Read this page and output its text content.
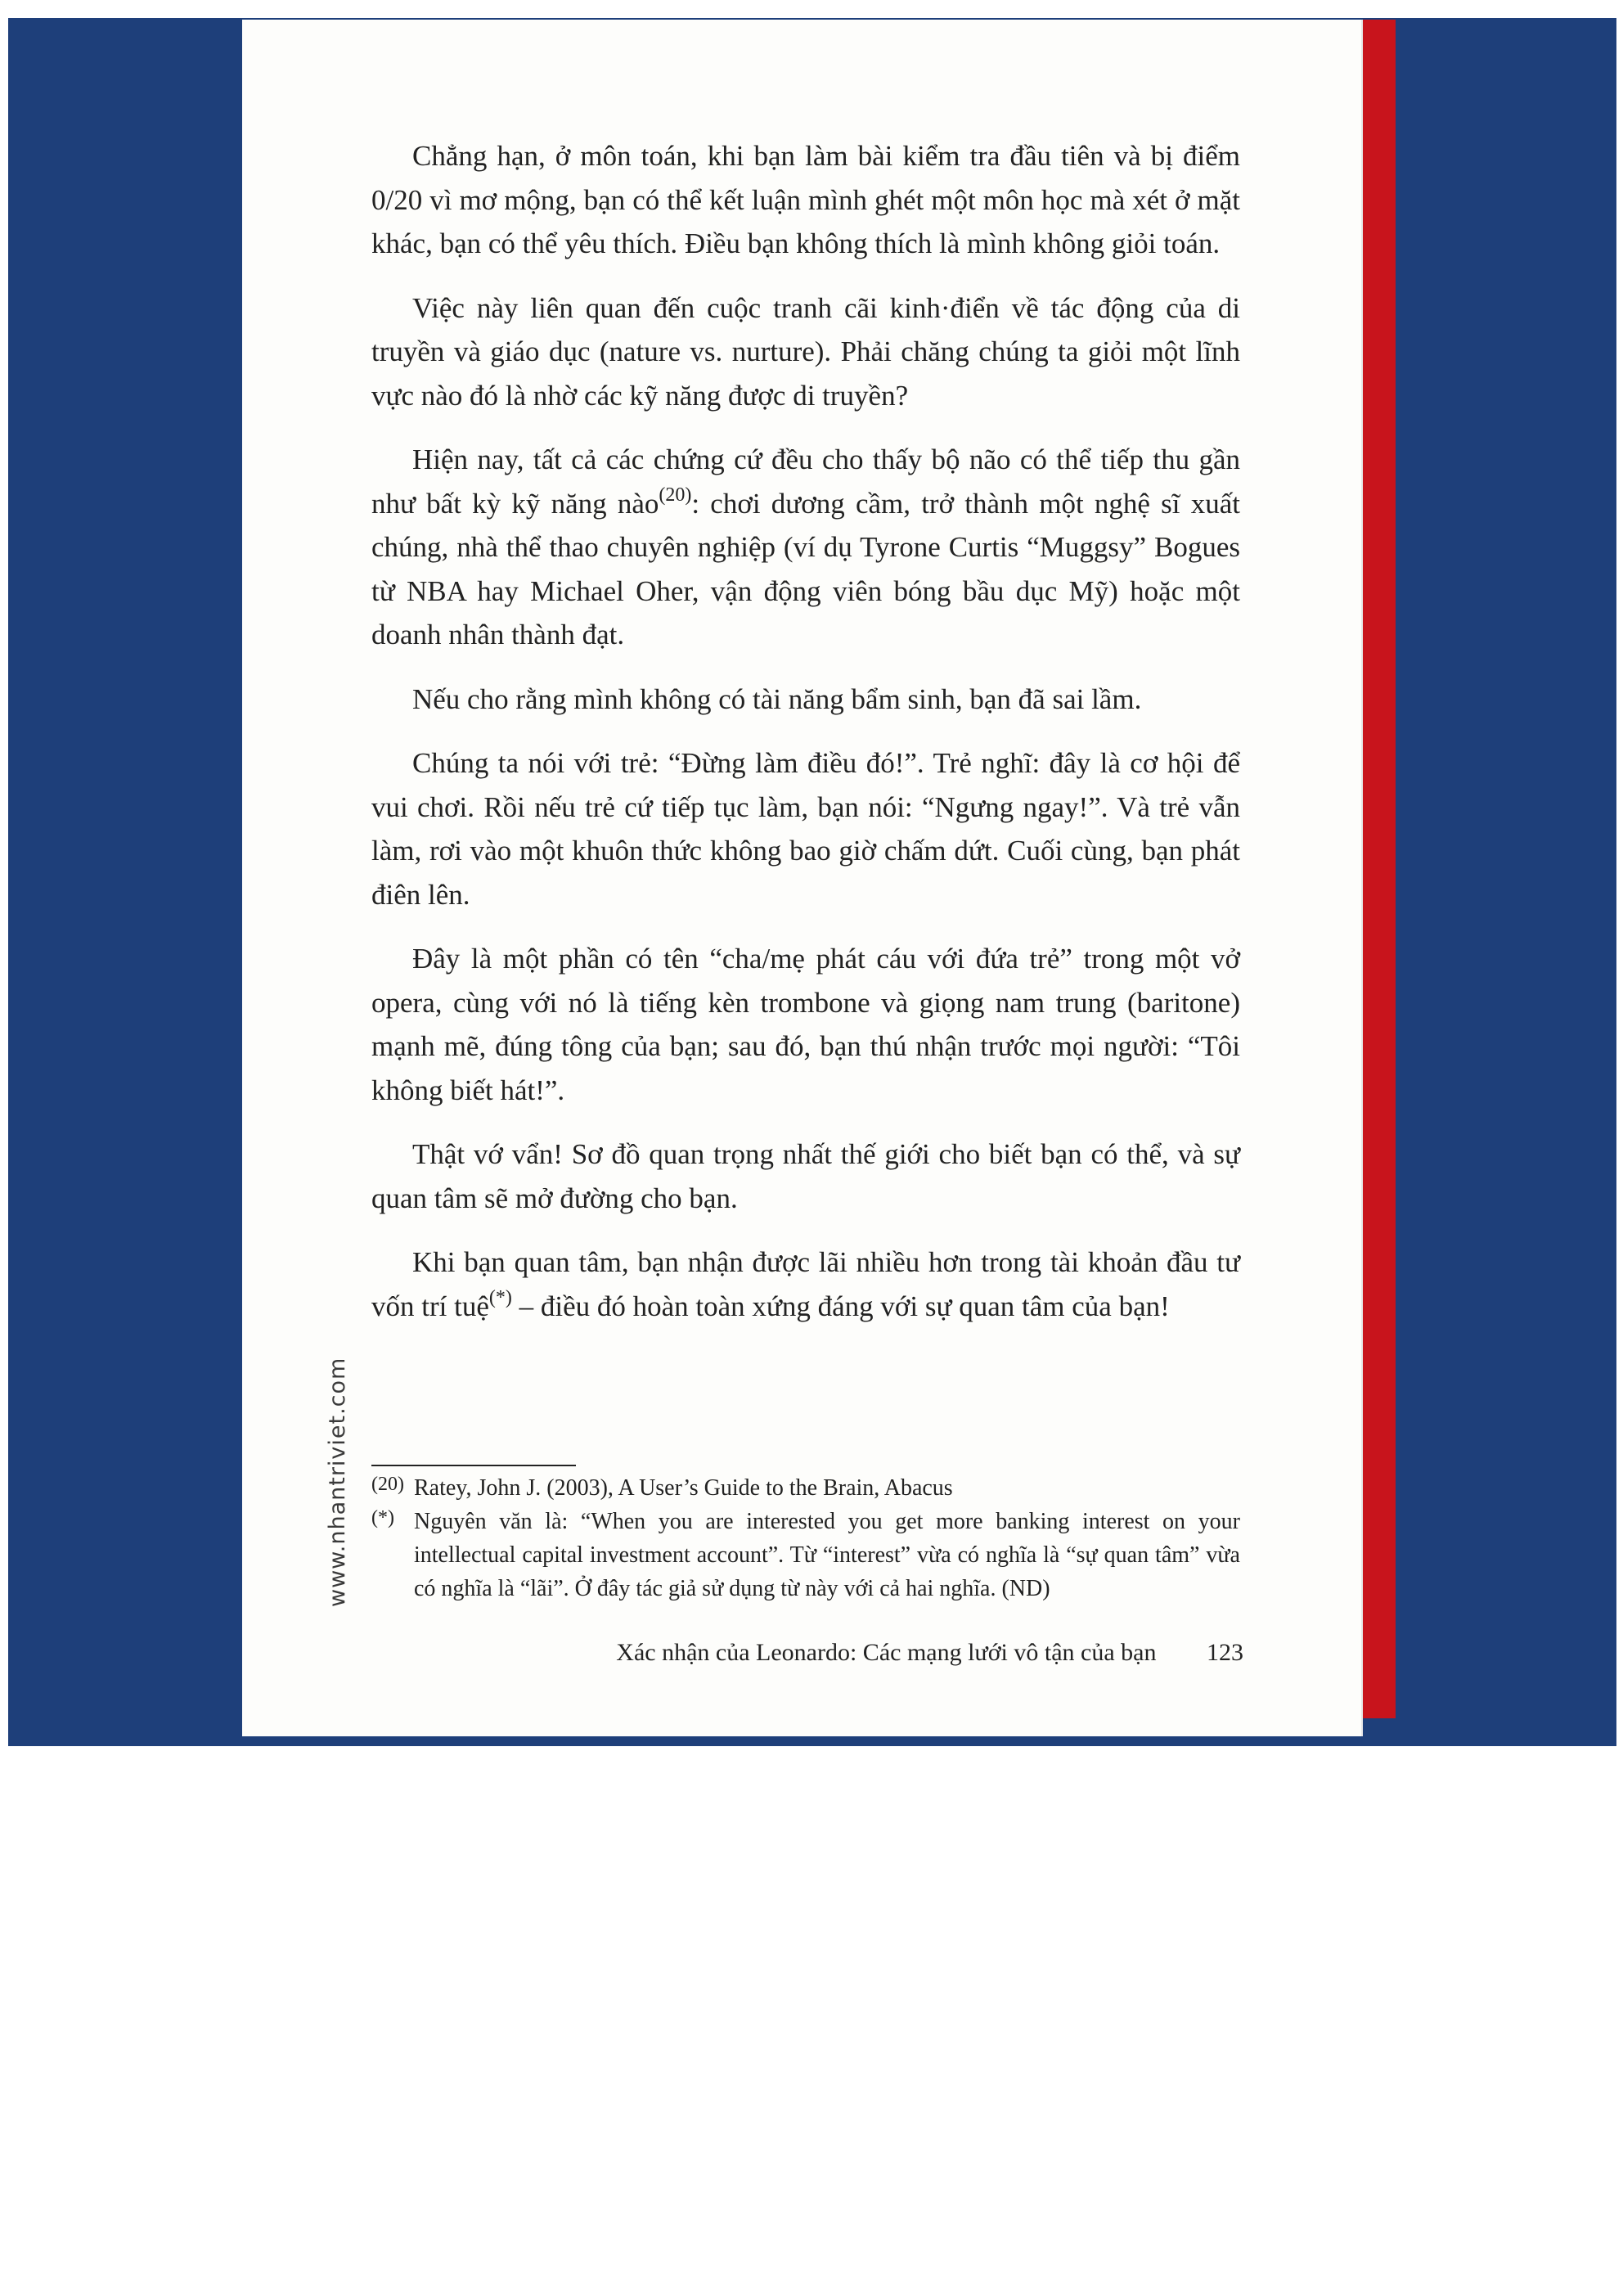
Chẳng hạn, ở môn toán, khi bạn làm bài kiểm tra đầu tiên và bị điểm 0/20 vì mơ mộng, bạn có thể kết luận mình ghét một môn học mà xét ở mặt khác, bạn có thể yêu thích. Điều bạn không thích là mình không giỏi toán.

Việc này liên quan đến cuộc tranh cãi kinh·điển về tác động của di truyền và giáo dục (nature vs. nurture). Phải chăng chúng ta giỏi một lĩnh vực nào đó là nhờ các kỹ năng được di truyền?

Hiện nay, tất cả các chứng cứ đều cho thấy bộ não có thể tiếp thu gần như bất kỳ kỹ năng nào$^{(20)}$: chơi dương cầm, trở thành một nghệ sĩ xuất chúng, nhà thể thao chuyên nghiệp (ví dụ Tyrone Curtis “Muggsy” Bogues từ NBA hay Michael Oher, vận động viên bóng bầu dục Mỹ) hoặc một doanh nhân thành đạt.

Nếu cho rằng mình không có tài năng bẩm sinh, bạn đã sai lầm.

Chúng ta nói với trẻ: “Đừng làm điều đó!”. Trẻ nghĩ: đây là cơ hội để vui chơi. Rồi nếu trẻ cứ tiếp tục làm, bạn nói: “Ngưng ngay!”. Và trẻ vẫn làm, rơi vào một khuôn thức không bao giờ chấm dứt. Cuối cùng, bạn phát điên lên.

Đây là một phần có tên “cha/mẹ phát cáu với đứa trẻ” trong một vở opera, cùng với nó là tiếng kèn trombone và giọng nam trung (baritone) mạnh mẽ, đúng tông của bạn; sau đó, bạn thú nhận trước mọi người: “Tôi không biết hát!”.

Thật vớ vẩn! Sơ đồ quan trọng nhất thế giới cho biết bạn có thể, và sự quan tâm sẽ mở đường cho bạn.

Khi bạn quan tâm, bạn nhận được lãi nhiều hơn trong tài khoản đầu tư vốn trí tuệ(*) – điều đó hoàn toàn xứng đáng với sự quan tâm của bạn!

(20) Ratey, John J. (2003), A User’s Guide to the Brain, Abacus

(*) Nguyên văn là: “When you are interested you get more banking interest on your intellectual capital investment account”. Từ “interest” vừa có nghĩa là “sự quan tâm” vừa có nghĩa là “lãi”. Ở đây tác giả sử dụng từ này với cả hai nghĩa. (ND)

Xác nhận của Leonardo: Các mạng lưới vô tận của bạn 123
www.nhantriviet.com
